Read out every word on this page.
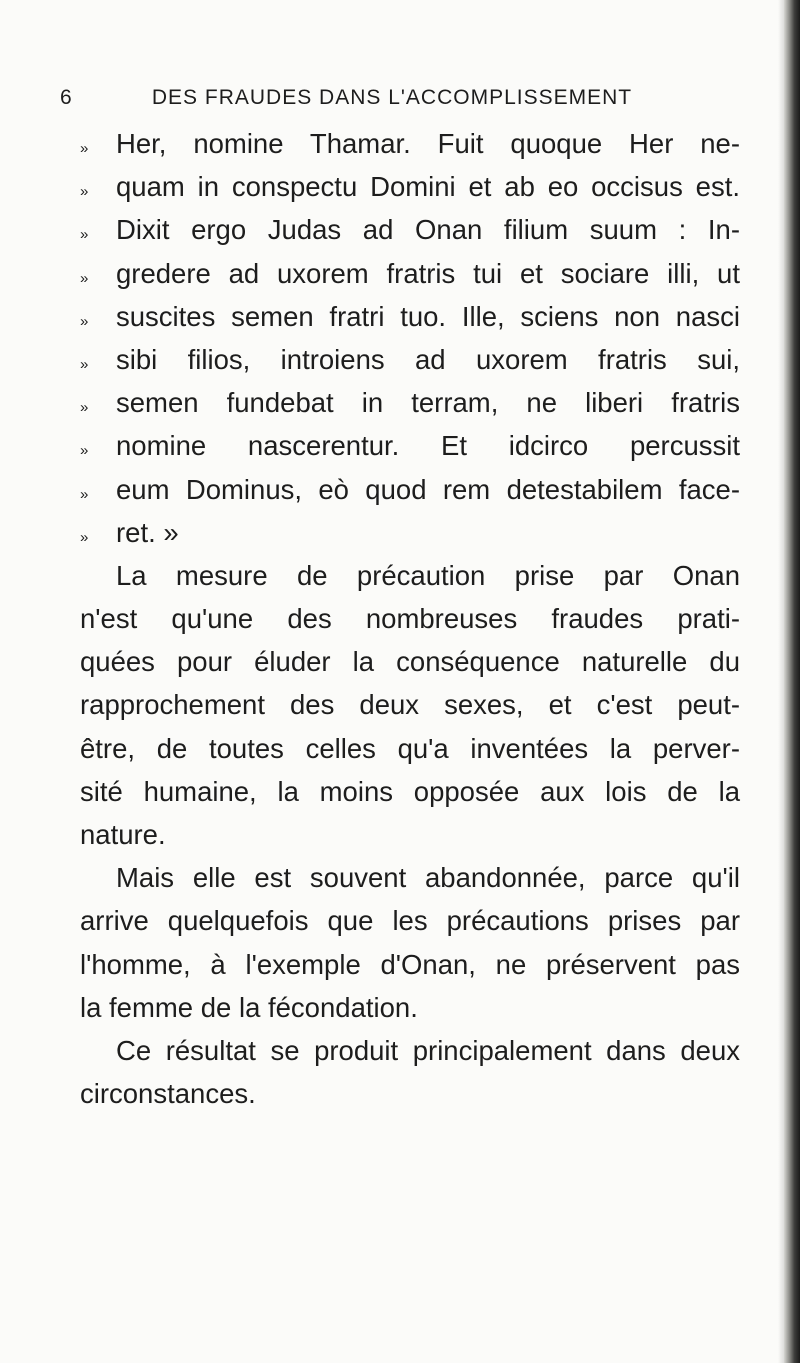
6	DES FRAUDES DANS L'ACCOMPLISSEMENT
»	Her, nomine Thamar. Fuit quoque Her ne-
»	quam in conspectu Domini et ab eo occisus est.
»	Dixit ergo Judas ad Onan filium suum : In-
»	gredere ad uxorem fratris tui et sociare illi, ut
»	suscites semen fratri tuo. Ille, sciens non nasci
»	sibi filios, introiens ad uxorem fratris sui,
»	semen fundebat in terram, ne liberi fratris
»	nomine nascerentur. Et idcirco percussit
»	eum Dominus, eò quod rem detestabilem face-
»	ret. »
La mesure de précaution prise par Onan
n'est qu'une des nombreuses fraudes prati-
quées pour éluder la conséquence naturelle du
rapprochement des deux sexes, et c'est peut-
être, de toutes celles qu'a inventées la perver-
sité humaine, la moins opposée aux lois de la
nature.
Mais elle est souvent abandonnée, parce qu'il
arrive quelquefois que les précautions prises par
l'homme, à l'exemple d'Onan, ne préservent pas
la femme de la fécondation.
Ce résultat se produit principalement dans deux
circonstances.
